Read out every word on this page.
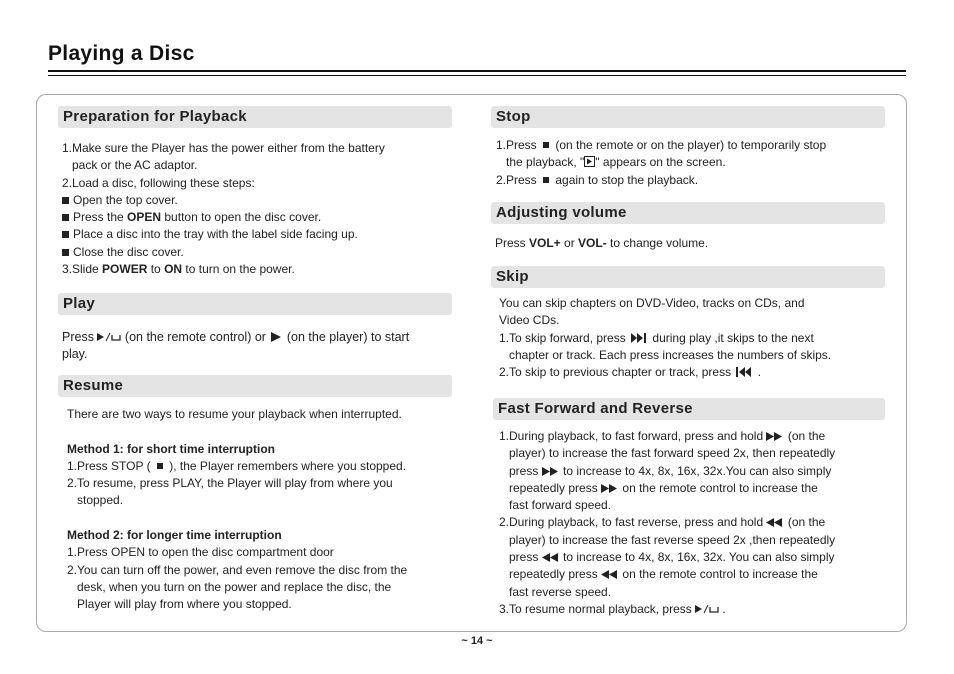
Playing a Disc
Preparation for Playback
1.Make sure the Player has the power either from the battery
pack or the AC adaptor.
2.Load a disc, following these steps:
Open the top cover.
Press the OPEN button to open the disc cover.
Place a disc into the tray with the label side facing up.
Close the disc cover.
3.Slide POWER to ON to turn on the power.
Play
Press  (on the remote control) or  (on the player) to start
play.
Resume
There are two ways to resume your playback when interrupted.

Method 1: for short time interruption
1.Press STOP (  ), the Player remembers where you stopped.
2.To resume, press PLAY, the Player will play from where you
stopped.

Method 2: for longer time interruption
1.Press OPEN to open the disc compartment door
2.You can turn off the power, and even remove the disc from the
desk, when you turn on the power and replace the disc, the
Player will play from where you stopped.
Stop
1.Press  (on the remote or on the player) to temporarily stop
the playback, " " appears on the screen.
2.Press  again to stop the playback.
Adjusting volume
Press VOL+ or VOL- to change volume.
Skip
You can skip chapters on DVD-Video, tracks on CDs, and
Video CDs.
1.To skip forward, press  during play ,it skips to the next
chapter or track. Each press increases the numbers of skips.
2.To skip to previous chapter or track, press  .
Fast Forward and Reverse
1.During playback, to fast forward, press and hold  (on the
player) to increase the fast forward speed 2x, then repeatedly
press  to increase to 4x, 8x, 16x, 32x.You can also simply
repeatedly press  on the remote control to increase the
fast forward speed.
2.During playback, to fast reverse, press and hold  (on the
player) to increase the fast reverse speed 2x ,then repeatedly
press  to increase to 4x, 8x, 16x, 32x. You can also simply
repeatedly press  on the remote control to increase the
fast reverse speed.
3.To resume normal playback, press  .
~ 14 ~
